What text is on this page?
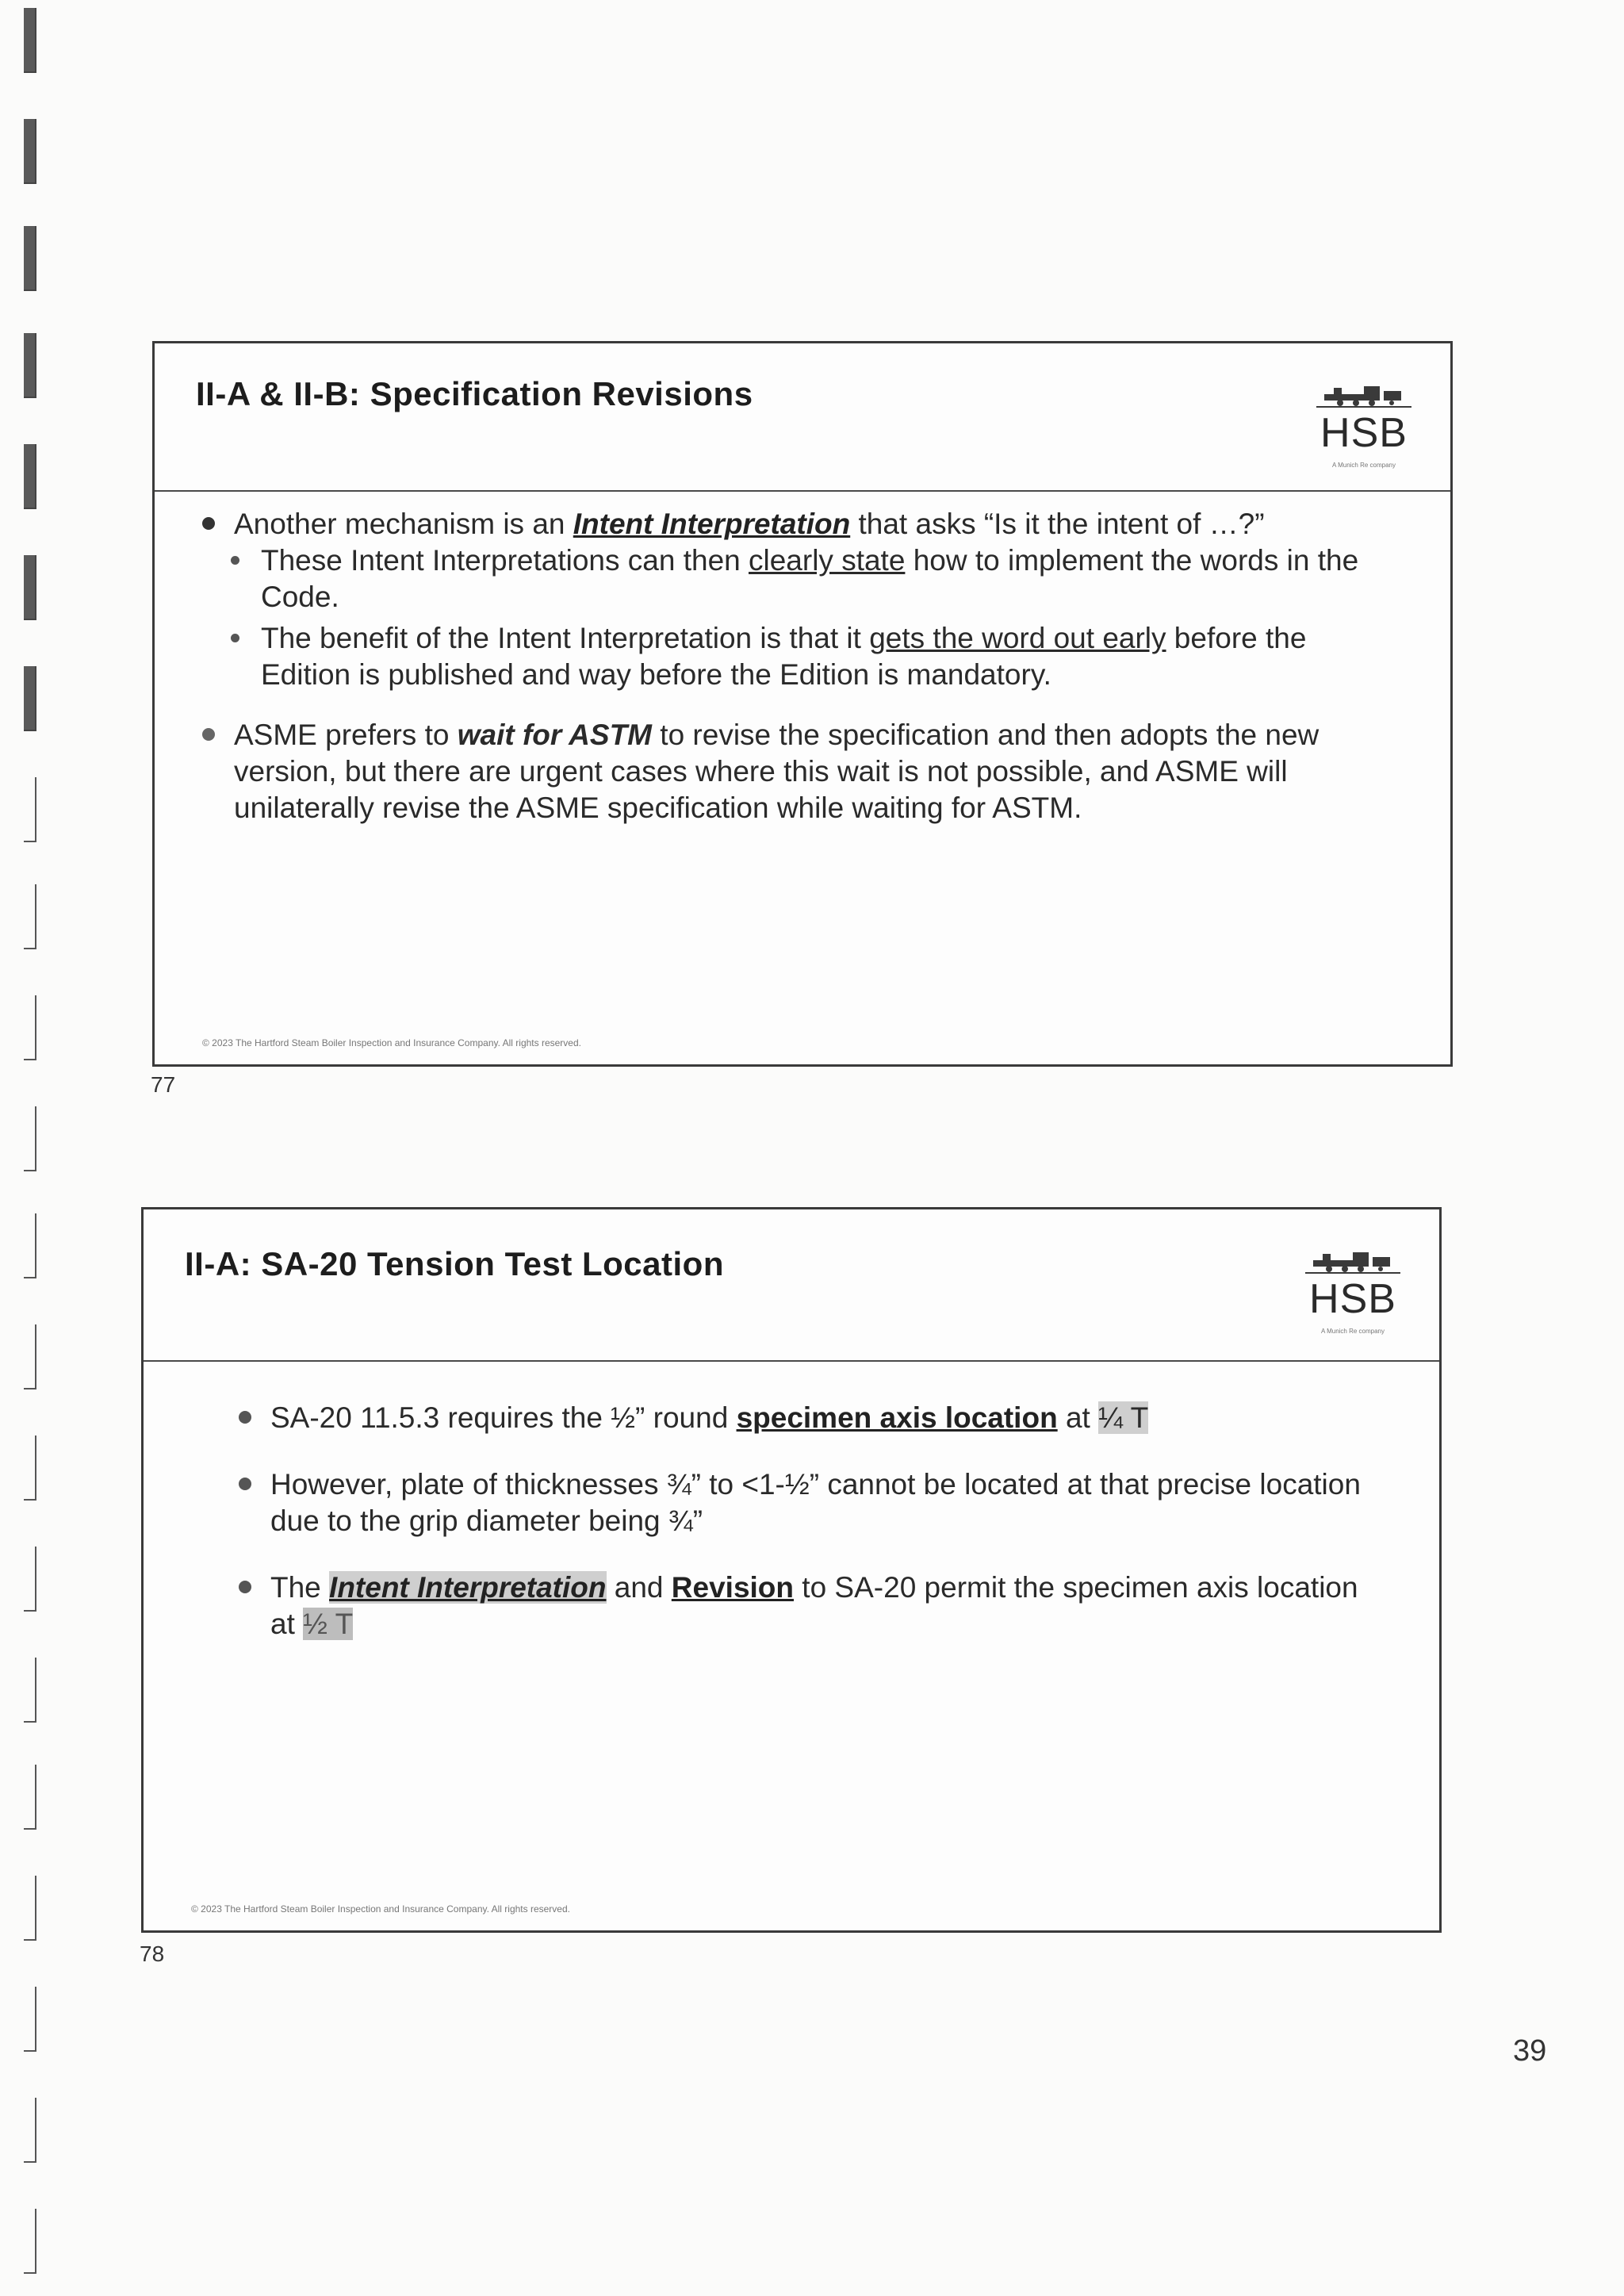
II-A & II-B: Specification Revisions
HSB
A Munich Re company
Another mechanism is an Intent Interpretation that asks “Is it the intent of …?”
These Intent Interpretations can then clearly state how to implement the words in the Code.
The benefit of the Intent Interpretation is that it gets the word out early before the Edition is published and way before the Edition is mandatory.
ASME prefers to wait for ASTM to revise the specification and then adopts the new version, but there are urgent cases where this wait is not possible, and ASME will unilaterally revise the ASME specification while waiting for ASTM.
© 2023 The Hartford Steam Boiler Inspection and Insurance Company. All rights reserved.
77
II-A: SA-20 Tension Test Location
HSB
A Munich Re company
SA-20 11.5.3 requires the ½” round specimen axis location at ¼ T
However, plate of thicknesses ¾” to <1-½” cannot be located at that precise location due to the grip diameter being ¾”
The Intent Interpretation and Revision to SA-20 permit the specimen axis location at ½ T
© 2023 The Hartford Steam Boiler Inspection and Insurance Company. All rights reserved.
78
39
